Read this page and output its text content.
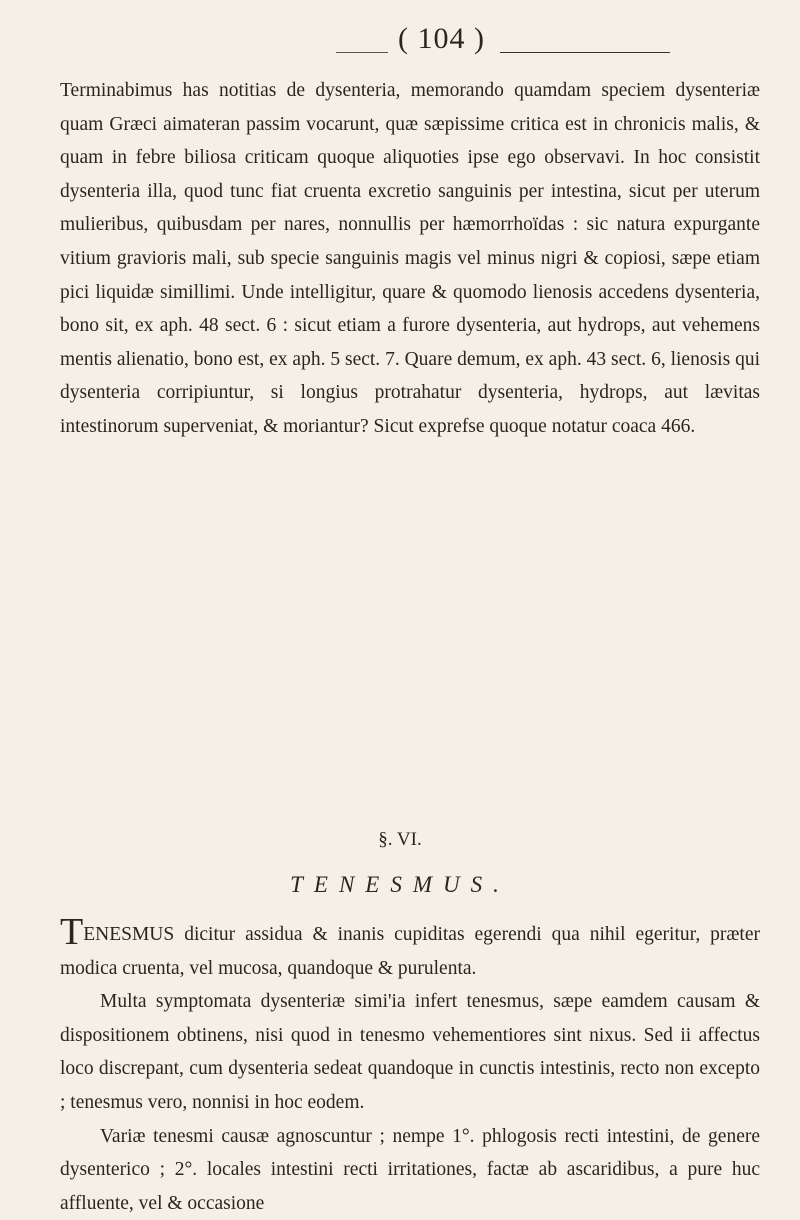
( 104 )

Terminabimus has notitias de dysenteria, memorando quamdam speciem dysenteriæ quam Græci aimateran passim vocarunt, quæ sæpissime critica est in chronicis malis, & quam in febre biliosa criticam quoque aliquoties ipse ego observavi. In hoc consistit dysenteria illa, quod tunc fiat cruenta excretio sanguinis per intestina, sicut per uterum mulieribus, quibusdam per nares, nonnullis per hæmorrhoïdas : sic natura expurgante vitium gravioris mali, sub specie sanguinis magis vel minus nigri & copiosi, sæpe etiam pici liquidæ simillimi. Unde intelligitur, quare & quomodo lienosis accedens dysenteria, bono sit, ex aph. 48 sect. 6 : sicut etiam a furore dysenteria, aut hydrops, aut vehemens mentis alienatio, bono est, ex aph. 5 sect. 7. Quare demum, ex aph. 43 sect. 6, lienosis qui dysenteria corripiuntur, si longius protrahatur dysenteria, hydrops, aut lævitas intestinorum superveniat, & moriantur? Sicut exprefse quoque notatur coaca 466.

§. VI.
TENESMUS.

TENESMUS dicitur assidua & inanis cupiditas egerendi qua nihil egeritur, præter modica cruenta, vel mucosa, quandoque & purulenta.

Multa symptomata dysenteriæ simi'ia infert tenesmus, sæpe eamdem causam & dispositionem obtinens, nisi quod in tenesmo vehementiores sint nixus. Sed ii affectus loco discrepant, cum dysenteria sedeat quandoque in cunctis intestinis, recto non excepto ; tenesmus vero, nonnisi in hoc eodem.

Variæ tenesmi causæ agnoscuntur ; nempe 1°. phlogosis recti intestini, de genere dysenterico ; 2°. locales intestini recti irritationes, factæ ab ascaridibus, a pure huc affluente, vel & occasione
